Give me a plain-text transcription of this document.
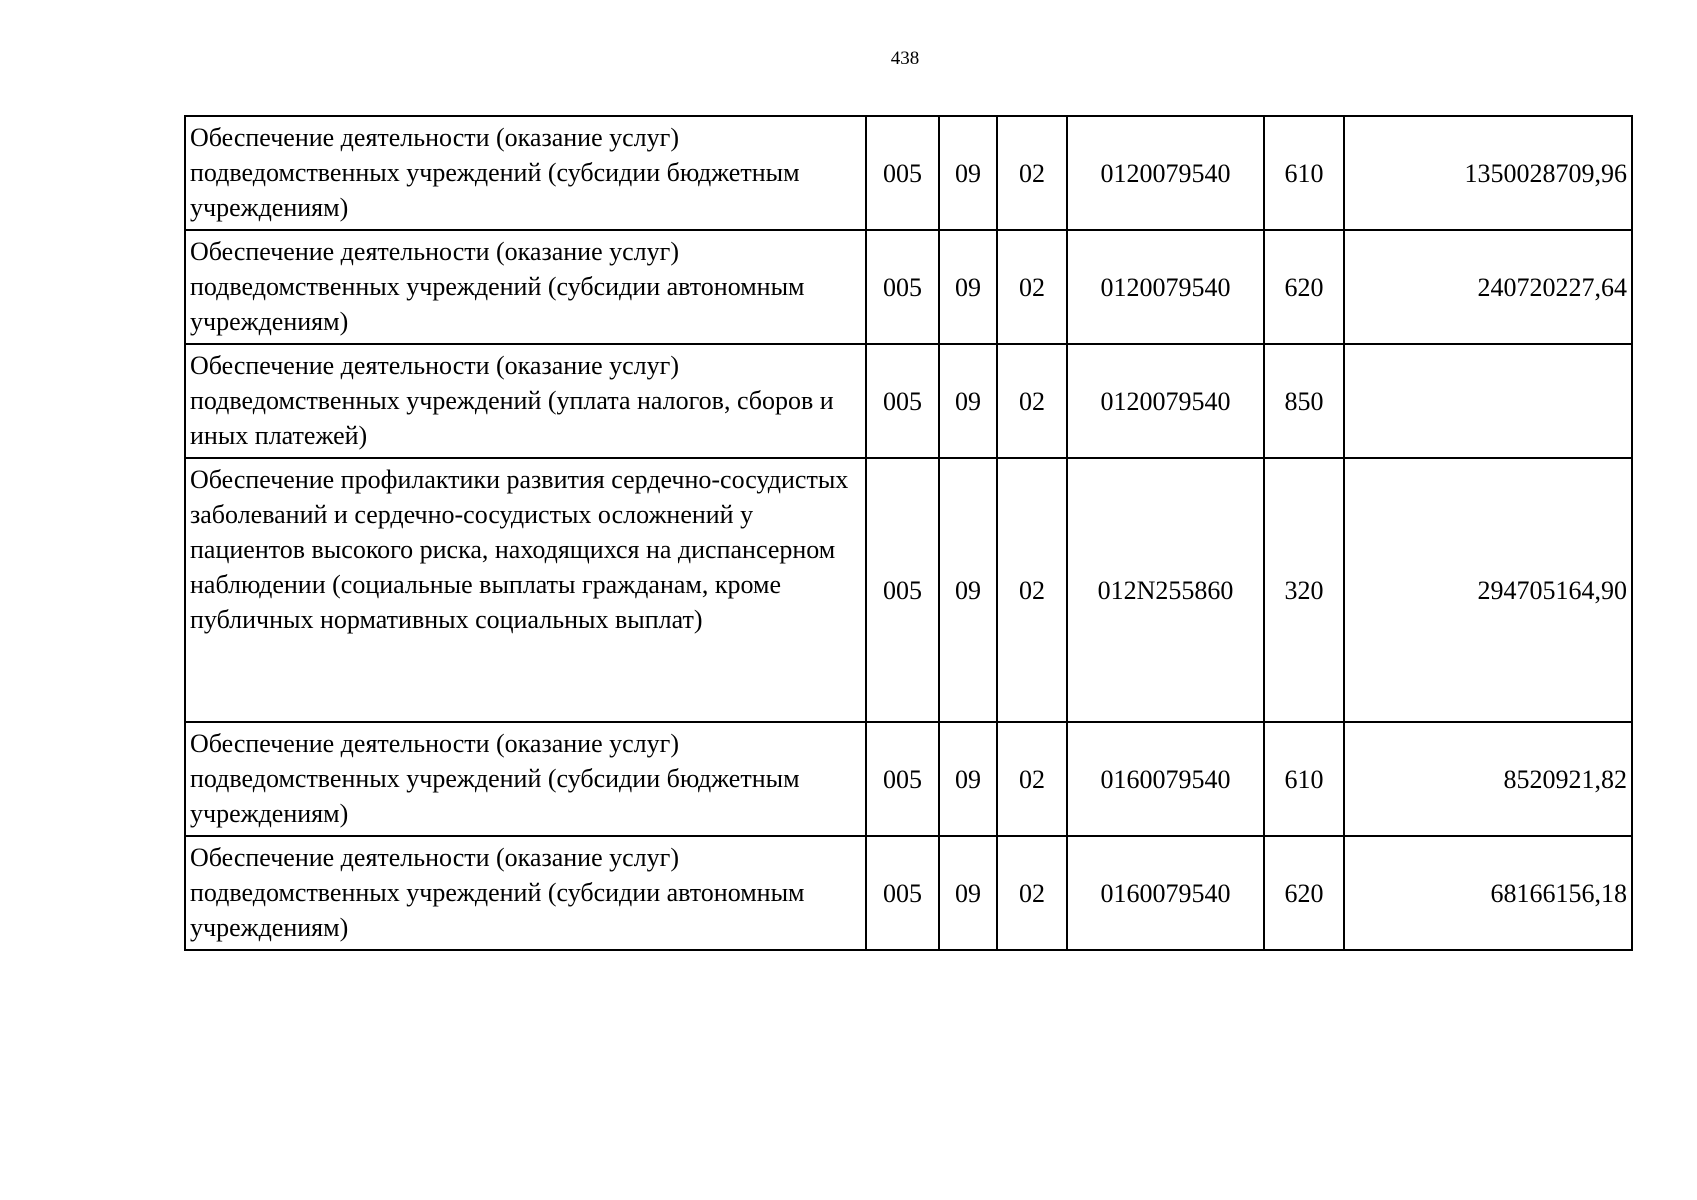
438
Обеспечение деятельности (оказание услуг) подведомственных учреждений (субсидии бюджетным учреждениям)	005	09	02	0120079540	610	1350028709,96
Обеспечение деятельности (оказание услуг) подведомственных учреждений (субсидии автономным учреждениям)	005	09	02	0120079540	620	240720227,64
Обеспечение деятельности (оказание услуг) подведомственных учреждений (уплата налогов, сборов и иных платежей)	005	09	02	0120079540	850	
Обеспечение профилактики развития сердечно-сосудистых заболеваний и сердечно-сосудистых осложнений у пациентов высокого риска, находящихся на диспансерном наблюдении (социальные выплаты гражданам, кроме публичных нормативных социальных выплат)	005	09	02	012N255860	320	294705164,90
Обеспечение деятельности (оказание услуг) подведомственных учреждений (субсидии бюджетным учреждениям)	005	09	02	0160079540	610	8520921,82
Обеспечение деятельности (оказание услуг) подведомственных учреждений (субсидии автономным учреждениям)	005	09	02	0160079540	620	68166156,18
